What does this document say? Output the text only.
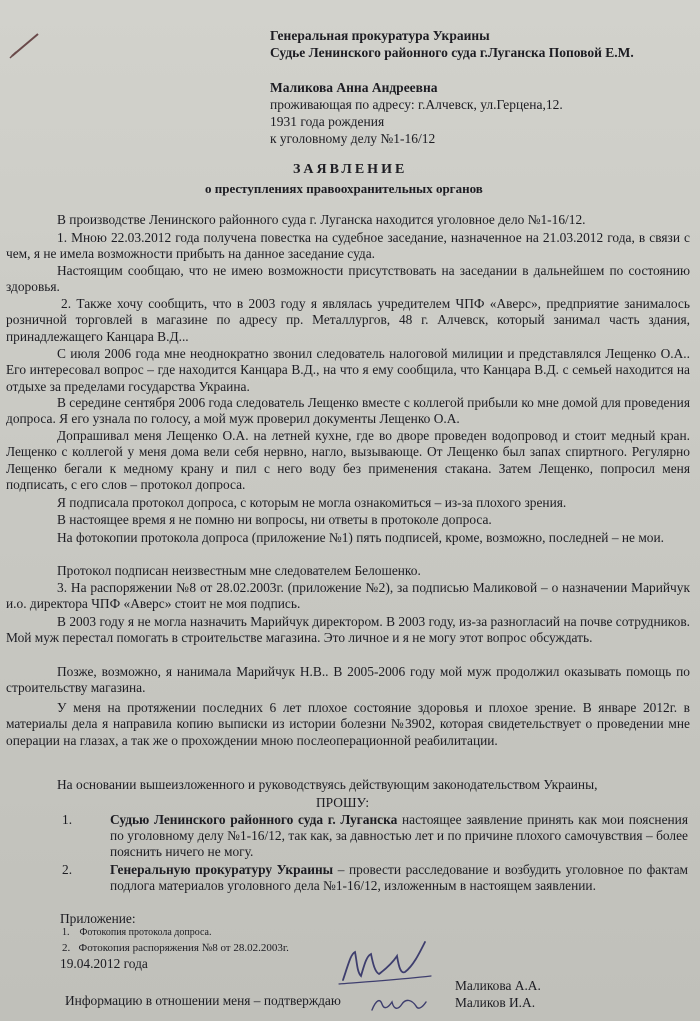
Генеральная прокуратура Украины
Судье Ленинского районного суда г.Луганска Поповой Е.М.
Маликова Анна Андреевна
проживающая по адресу: г.Алчевск, ул.Герцена,12.
1931 года рождения
к уголовному делу №1-16/12
ЗАЯВЛЕНИЕ
о преступлениях правоохранительных органов
В производстве Ленинского районного суда г. Луганска находится уголовное дело №1-16/12.
1. Мною 22.03.2012 года получена повестка на судебное заседание, назначенное на 21.03.2012 года, в связи с чем, я не имела возможности прибыть на данное заседание суда.
Настоящим сообщаю, что не имею возможности присутствовать на заседании в дальнейшем по состоянию здоровья.
2. Также хочу сообщить, что в 2003 году я являлась учредителем ЧПФ «Аверс», предприятие занималось розничной торговлей в магазине по адресу пр. Металлургов, 48 г. Алчевск, который занимал часть здания, принадлежащего Канцара В.Д...
С июля 2006 года мне неоднократно звонил следователь налоговой милиции и представлялся Лещенко О.А.. Его интересовал вопрос – где находится Канцара В.Д., на что я ему сообщила, что Канцара В.Д. с семьей находится на отдыхе за пределами государства Украина.
В середине сентября 2006 года следователь Лещенко вместе с коллегой прибыли ко мне домой для проведения допроса. Я его узнала по голосу, а мой муж проверил документы Лещенко О.А.
Допрашивал меня Лещенко О.А. на летней кухне, где во дворе проведен водопровод и стоит медный кран. Лещенко с коллегой у меня дома вели себя нервно, нагло, вызывающе. От Лещенко был запах спиртного. Регулярно Лещенко бегали к медному крану и пил с него воду без применения стакана. Затем Лещенко, попросил меня подписать, с его слов – протокол допроса.
Я подписала протокол допроса, с которым не могла ознакомиться – из-за плохого зрения.
В настоящее время я не помню ни вопросы, ни ответы в протоколе допроса.
На фотокопии протокола допроса (приложение №1) пять подписей, кроме, возможно, последней – не мои.
Протокол подписан неизвестным мне следователем Белошенко.
3. На распоряжении №8 от 28.02.2003г. (приложение №2), за подписью Маликовой – о назначении Марийчук и.о. директора ЧПФ «Аверс» стоит не моя подпись.
В 2003 году я не могла назначить Марийчук директором. В 2003 году, из-за разногласий на почве сотрудников. Мой муж перестал помогать в строительстве магазина. Это личное и я не могу этот вопрос обсуждать.
Позже, возможно, я нанимала Марийчук Н.В.. В 2005-2006 году мой муж продолжил оказывать помощь по строительству магазина.
У меня на протяжении последних 6 лет плохое состояние здоровья и плохое зрение. В январе 2012г. в материалы дела я направила копию выписки из истории болезни №3902, которая свидетельствует о проведении мне операции на глазах, а так же о прохождении мною послеоперационной реабилитации.
На основании вышеизложенного и руководствуясь действующим законодательством Украины,
ПРОШУ:
1.	Судью Ленинского районного суда г. Луганска настоящее заявление принять как мои пояснения по уголовному делу №1-16/12, так как, за давностью лет и по причине плохого самочувствия – более пояснить ничего не могу.
2.	Генеральную прокуратуру Украины – провести расследование и возбудить уголовное по фактам подлога материалов уголовного дела №1-16/12, изложенным в настоящем заявлении.
Приложение:
1. Фотокопия протокола допроса.
2. Фотокопия распоряжения №8 от 28.02.2003г.
19.04.2012 года
Информацию в отношении меня – подтверждаю
Маликова А.А.
Маликов И.А.
